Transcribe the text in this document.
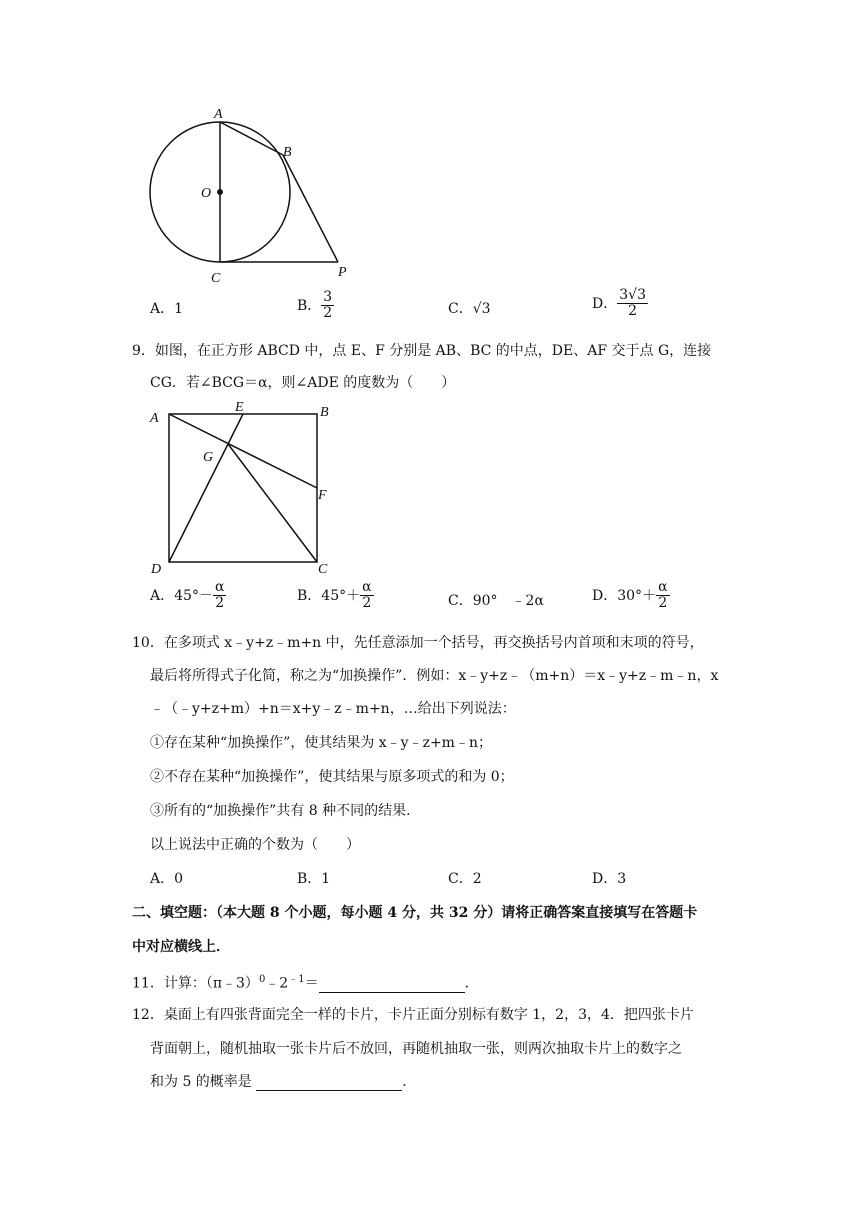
A
B
O
C	P
A．1	B． $\frac{3}{2}$	C．√3	D． $\frac{3√3}{2}$
9．如图，在正方形 ABCD 中，点 E、F 分别是 AB、BC 的中点，DE、AF 交于点 G，连接
CG．若∠BCG＝α，则∠ADE 的度数为（　　）
A
E	B
G
F
D	C
A．$45^\circ- \frac{\alpha}{2}$	B．$45^\circ+ \frac{\alpha}{2}$	C．90°　﹣2α	D．$30^\circ+ \frac{\alpha}{2}$
10．在多项式 x﹣y+z﹣m+n 中，先任意添加一个括号，再交换括号内首项和末项的符号，
最后将所得式子化简，称之为“加换操作”．例如：x﹣y+z﹣（m+n）＝x﹣y+z﹣m﹣n，x
﹣（﹣y+z+m）+n＝x+y﹣z﹣m+n，…给出下列说法：
①存在某种“加换操作”，使其结果为 x﹣y﹣z+m﹣n；
②不存在某种“加换操作”，使其结果与原多项式的和为 0；
③所有的“加换操作”共有 8 种不同的结果．
以上说法中正确的个数为（　　）
A．0	B．1	C．2	D．3
二、填空题：（本大题 8 个小题，每小题 4 分，共 32 分）请将正确答案直接填写在答题卡
中对应横线上．
11．计算：$(\pi﹣3)^0﹣2^{﹣1}=$	．
12．桌面上有四张背面完全一样的卡片，卡片正面分别标有数字 1，2，3，4．把四张卡片
背面朝上，随机抽取一张卡片后不放回，再随机抽取一张，则两次抽取卡片上的数字之
和为 5 的概率是	．
